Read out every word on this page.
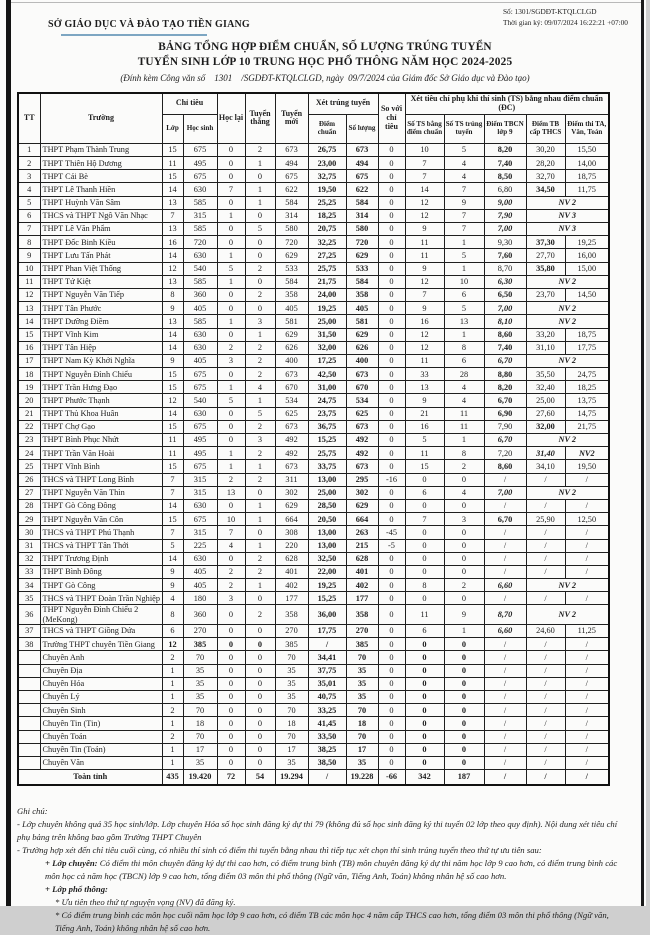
SỞ GIÁO DỤC VÀ ĐÀO TẠO TIỀN GIANG
Số: 1301/SGDĐT-KTQLCLGD
Thời gian ký: 09/07/2024 16:22:21 +07:00
BẢNG TỔNG HỢP ĐIỂM CHUẨN, SỐ LƯỢNG TRÚNG TUYỂN
TUYỂN SINH LỚP 10 TRUNG HỌC PHỔ THÔNG NĂM HỌC 2024-2025
(Đính kèm Công văn số    1301    /SGDĐT-KTQLCLGD, ngày  09/7/2024 của Giám đốc Sở Giáo dục và Đào tạo)
TT	Trường	Chỉ tiêu		Học lại	Tuyển thẳng	Tuyển mới	Xét trúng tuyển		So với chỉ tiêu	Xét tiêu chí phụ khi thí sinh (TS) bằng nhau điểm chuẩn (ĐC)				
		Lớp	Học sinh				Điểm chuẩn	Số lượng		Số TS bằng điểm chuẩn	Số TS trúng tuyển	Điểm TBCN lớp 9	Điểm TB cấp THCS	Điểm thi TA, Văn, Toán
1	THPT Phạm Thành Trung	15	675	0	2	673	26,75	673	0	10	5	8,20	30,20	15,50
2	THPT Thiên Hộ Dương	11	495	0	1	494	23,00	494	0	7	4	7,40	28,20	14,00
3	THPT Cái Bè	15	675	0	0	675	32,75	675	0	7	4	8,50	32,70	18,75
4	THPT Lê Thanh Hiền	14	630	7	1	622	19,50	622	0	14	7	6,80	34,50	11,75
5	THPT Huỳnh Văn Sâm	13	585	0	1	584	25,25	584	0	12	9	9,00	NV 2	
6	THCS và THPT Ngô Văn Nhạc	7	315	1	0	314	18,25	314	0	12	7	7,90	NV 3	
7	THPT Lê Văn Phẩm	13	585	0	5	580	20,75	580	0	9	7	7,00	NV 3	
8	THPT Đốc Binh Kiều	16	720	0	0	720	32,25	720	0	11	1	9,30	37,30	19,25
9	THPT Lưu Tấn Phát	14	630	1	0	629	27,25	629	0	11	5	7,60	27,70	16,00
10	THPT Phan Việt Thống	12	540	5	2	533	25,75	533	0	9	1	8,70	35,80	15,00
11	THPT Tứ Kiệt	13	585	1	0	584	21,75	584	0	12	10	6,30	NV 2	
12	THPT Nguyễn Văn Tiếp	8	360	0	2	358	24,00	358	0	7	6	6,50	23,70	14,50
13	THPT Tân Phước	9	405	0	0	405	19,25	405	0	9	5	7,00	NV 2	
14	THPT Dưỡng Điềm	13	585	1	3	581	25,00	581	0	16	13	8,10	NV 2	
15	THPT Vĩnh Kim	14	630	0	1	629	31,50	629	0	12	1	8,60	33,20	18,75
16	THPT Tân Hiệp	14	630	2	2	626	32,00	626	0	12	8	7,40	31,10	17,75
17	THPT Nam Kỳ Khởi Nghĩa	9	405	3	2	400	17,25	400	0	11	6	6,70	NV 2	
18	THPT Nguyễn Đình Chiểu	15	675	0	2	673	42,50	673	0	33	28	8,80	35,50	24,75
19	THPT Trần Hưng Đạo	15	675	1	4	670	31,00	670	0	13	4	8,20	32,40	18,25
20	THPT Phước Thạnh	12	540	5	1	534	24,75	534	0	9	4	6,70	25,00	13,75
21	THPT Thủ Khoa Huân	14	630	0	5	625	23,75	625	0	21	11	6,90	27,60	14,75
22	THPT Chợ Gạo	15	675	0	2	673	36,75	673	0	16	11	7,90	32,00	21,75
23	THPT Bình Phục Nhứt	11	495	0	3	492	15,25	492	0	5	1	6,70	NV 2	
24	THPT Trần Văn Hoài	11	495	1	2	492	25,75	492	0	11	8	7,20	31,40	NV2
25	THPT Vĩnh Bình	15	675	1	1	673	33,75	673	0	15	2	8,60	34,10	19,50
26	THCS và THPT Long Bình	7	315	2	2	311	13,00	295	-16	0	0	/	/	/
27	THPT Nguyễn Văn Thìn	7	315	13	0	302	25,00	302	0	6	4	7,00	NV 2	
28	THPT Gò Công Đông	14	630	0	1	629	28,50	629	0	0	0	/	/	/
29	THPT Nguyễn Văn Côn	15	675	10	1	664	20,50	664	0	7	3	6,70	25,90	12,50
30	THCS và THPT Phú Thạnh	7	315	7	0	308	13,00	263	-45	0	0	/	/	/
31	THCS và THPT Tân Thới	5	225	4	1	220	13,00	215	-5	0	0	/	/	/
32	THPT Trương Định	14	630	0	2	628	32,50	628	0	0	0	/	/	/
33	THPT Bình Đông	9	405	2	2	401	22,00	401	0	0	0	/	/	/
34	THPT Gò Công	9	405	2	1	402	19,25	402	0	8	2	6,60	NV 2	
35	THCS và THPT Đoàn Trần Nghiệp	4	180	3	0	177	15,25	177	0	0	0	/	/	/
36	THPT Nguyễn Đình Chiểu 2 (MeKong)	8	360	0	2	358	36,00	358	0	11	9	8,70	NV 2	
37	THCS và THPT Giồng Dứa	6	270	0	0	270	17,75	270	0	6	1	6,60	24,60	11,25
38	Trường THPT chuyên Tiền Giang	12	385	0	0	385	/	385	0	0	0	/	/	/
	Chuyên Anh	2	70	0	0	70	34,41	70	0	0	0	/	/	/
	Chuyên Địa	1	35	0	0	35	37,75	35	0	0	0	/	/	/
	Chuyên Hóa	1	35	0	0	35	35,01	35	0	0	0	/	/	/
	Chuyên Lý	1	35	0	0	35	40,75	35	0	0	0	/	/	/
	Chuyên Sinh	2	70	0	0	70	33,25	70	0	0	0	/	/	/
	Chuyên Tin (Tin)	1	18	0	0	18	41,45	18	0	0	0	/	/	/
	Chuyên Toán	2	70	0	0	70	33,50	70	0	0	0	/	/	/
	Chuyên Tin (Toán)	1	17	0	0	17	38,25	17	0	0	0	/	/	/
	Chuyên Văn	1	35	0	0	35	38,50	35	0	0	0	/	/	/
Toàn tỉnh		435	19.420	72	54	19.294	/	19.228	-66	342	187	/	/	/

Ghi chú:

- Lớp chuyên không quá 35 học sinh/lớp. Lớp chuyên Hóa số học sinh đăng ký dự thi 79 (không đủ số học sinh đăng ký thi tuyển 02 lớp theo quy định). Nội dung xét tiêu chí phụ bảng trên không bao gồm Trường THPT Chuyên

- Trường hợp xét đến chỉ tiêu cuối cùng, có nhiều thí sinh có điểm thi tuyển bằng nhau thì tiếp tục xét chọn thí sinh trúng tuyển theo thứ tự ưu tiên sau:

+ Lớp chuyên: Có điểm thi môn chuyên đăng ký dự thi cao hơn, có điểm trung bình (TB) môn chuyên đăng ký dự thi năm học lớp 9 cao hơn, có điểm trung bình các môn học cả năm học (TBCN) lớp 9 cao hơn, tổng điểm 03 môn thi phổ thông (Ngữ văn, Tiếng Anh, Toán) không nhân hệ số cao hơn.

+ Lớp phổ thông:

* Ưu tiên theo thứ tự nguyện vọng (NV) đã đăng ký.

* Có điểm trung bình các môn học cuối năm học lớp 9 cao hơn, có điểm TB các môn học 4 năm cấp THCS cao hơn, tổng điểm 03 môn thi phổ thông (Ngữ văn, Tiếng Anh, Toán) không nhân hệ số cao hơn.
